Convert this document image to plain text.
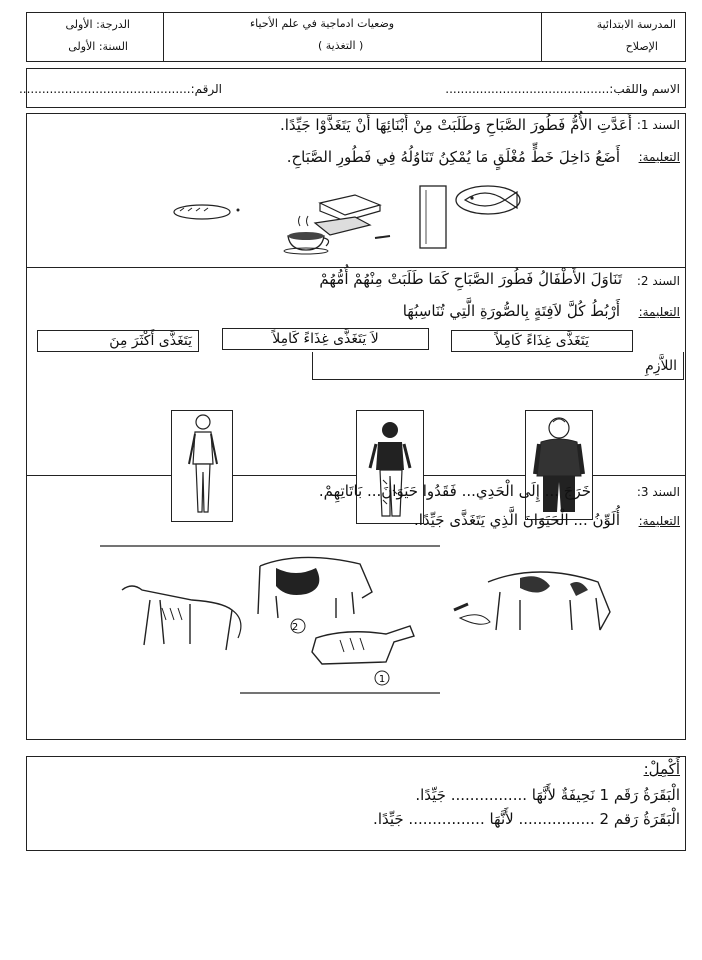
المدرسة الابتدائية
الإصلاح
وضعيات ادماجية في علم الأحياء
( التغذية )
الدرجة: الأولى
السنة: الأولى
الاسم واللقب:...........................................
الرقم:.............................................
السند 1:
أَعَدَّتِ الأُمُّ فَطُورَ الصَّبَاحِ وَطَلَبَتْ مِنْ أَبْنَائِهَا أَنْ يَتَغَذَّوْا جَيِّدًا.
التعليمة:
أَضَعُ دَاخِلَ خَطٍّ مُغْلَقٍ مَا يُمْكِنُ تَنَاوُلُهُ فِي فَطُورِ الصَّبَاحِ.
السند 2:
تَنَاوَلَ الأَطْفَالُ فَطُورَ الصَّبَاحِ كَمَا طَلَبَتْ مِنْهُمْ أُمُّهُمْ
التعليمة:
أَرْبُطُ كُلَّ لاَفِتَةٍ بِالصُّورَةِ الَّتِي تُنَاسِبُهَا
يَتَغَذَّى غِذَاءً كَامِلاً
لاَ يَتَغَذَّى غِذَاءً كَامِلاً
يَتَغَذَّى أَكْثَرَ مِنَ
اللاَّزِمِ
السند 3:
خَرَجَ ... إِلَى الْحَدِي... فَقَدُوا حَيَوَانَ... بَاتَاتِهِمْ.
التعليمة:
أُلَوِّنُ ... الْحَيَوَانَ الَّذِي يَتَغَذَّى جَيِّدًا.
2
1
أَكْمِلْ:
الْبَقَرَةُ رَقَم 1 نَحِيفَةٌ لأَنَّهَا ................ جَيِّدًا.
الْبَقَرَةُ رَقم 2 ................ لأَنَّهَا ................ جَيِّدًا.
